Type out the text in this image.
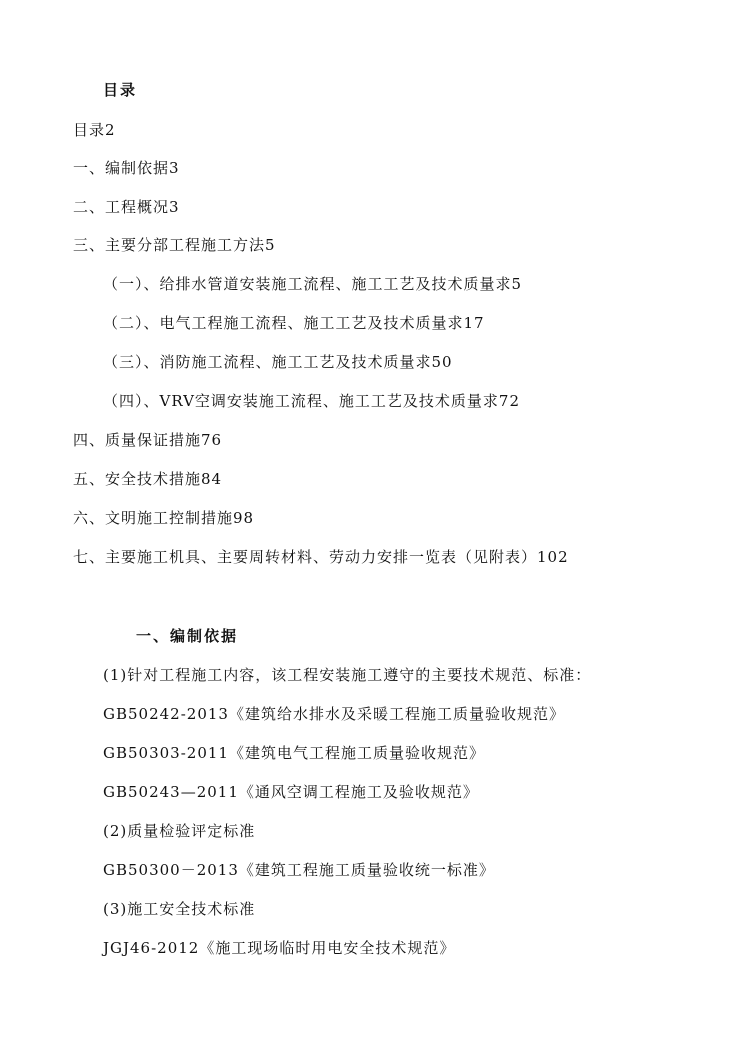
目录
目录2
一、编制依据3
二、工程概况3
三、主要分部工程施工方法5
（一）、给排水管道安装施工流程、施工工艺及技术质量求5
（二）、电气工程施工流程、施工工艺及技术质量求17
（三）、消防施工流程、施工工艺及技术质量求50
（四）、VRV空调安装施工流程、施工工艺及技术质量求72
四、质量保证措施76
五、安全技术措施84
六、文明施工控制措施98
七、主要施工机具、主要周转材料、劳动力安排一览表（见附表）102
一、编制依据
(1)针对工程施工内容，该工程安装施工遵守的主要技术规范、标准：
GB50242-2013《建筑给水排水及采暖工程施工质量验收规范》
GB50303-2011《建筑电气工程施工质量验收规范》
GB50243—2011《通风空调工程施工及验收规范》
(2)质量检验评定标准
GB50300－2013《建筑工程施工质量验收统一标准》
(3)施工安全技术标准
JGJ46-2012《施工现场临时用电安全技术规范》
